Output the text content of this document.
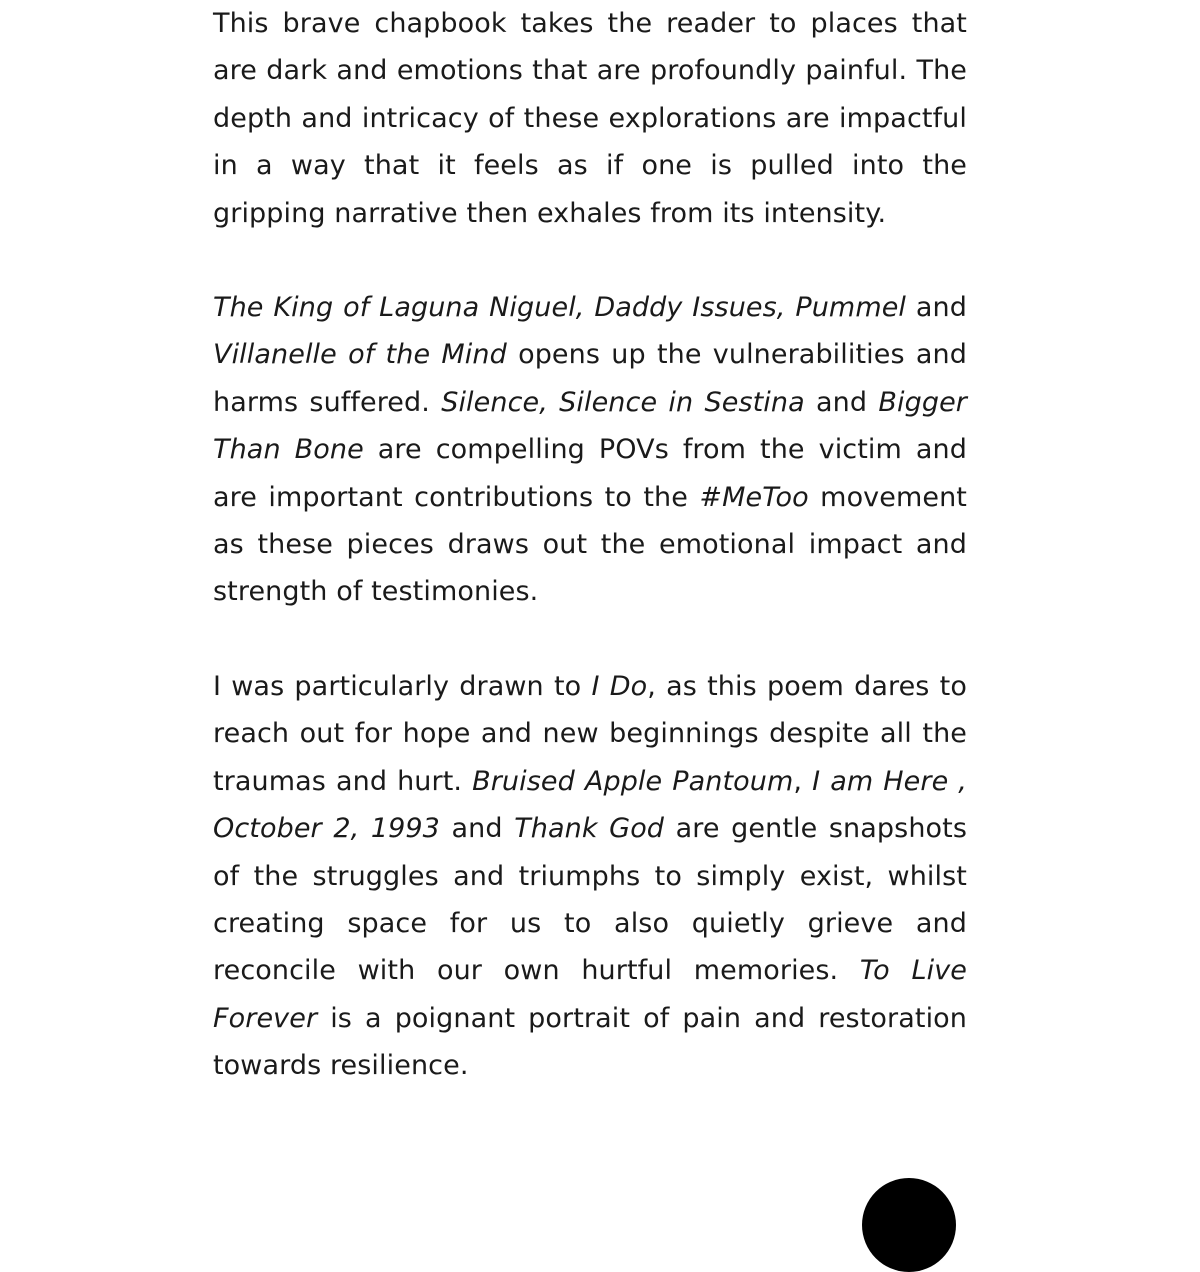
This brave chapbook takes the reader to places that are dark and emotions that are profoundly painful. The depth and intricacy of these explorations are impactful in a way that it feels as if one is pulled into the gripping narrative then exhales from its intensity.

The King of Laguna Niguel, Daddy Issues, Pummel and Villanelle of the Mind opens up the vulnerabilities and harms suffered. Silence, Silence in Sestina and Bigger Than Bone are compelling POVs from the victim and are important contributions to the #MeToo movement as these pieces draws out the emotional impact and strength of testimonies.

I was particularly drawn to I Do, as this poem dares to reach out for hope and new beginnings despite all the traumas and hurt. Bruised Apple Pantoum, I am Here , October 2, 1993 and Thank God are gentle snapshots of the struggles and triumphs to simply exist, whilst creating space for us to also quietly grieve and reconcile with our own hurtful memories. To Live Forever is a poignant portrait of pain and restoration towards resilience.
